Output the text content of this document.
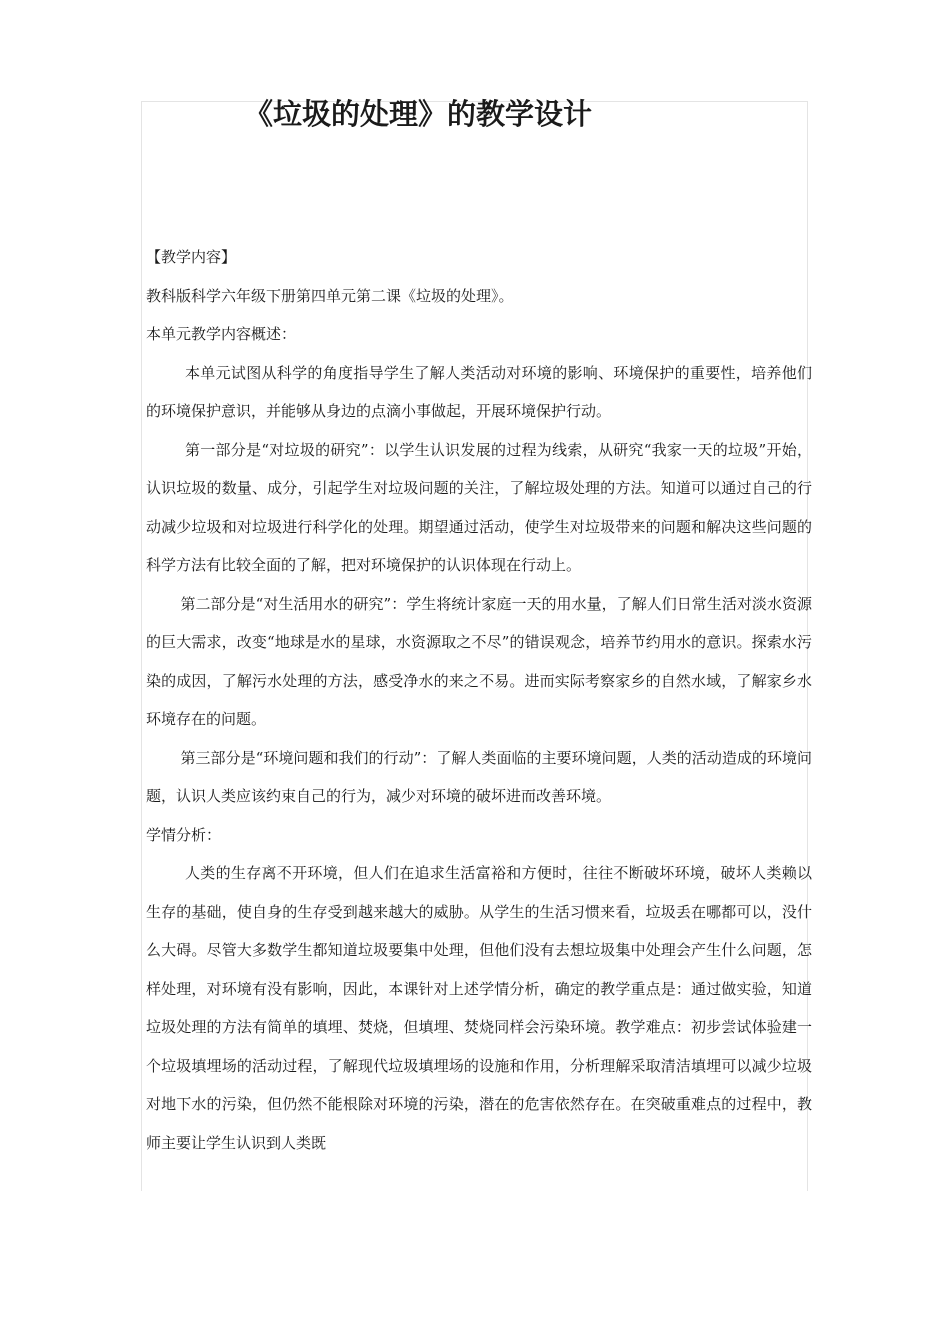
《垃圾的处理》的教学设计

【教学内容】

教科版科学六年级下册第四单元第二课《垃圾的处理》。

本单元教学内容概述：

本单元试图从科学的角度指导学生了解人类活动对环境的影响、环境保护的重要性，培养他们的环境保护意识，并能够从身边的点滴小事做起，开展环境保护行动。

第一部分是“对垃圾的研究”：以学生认识发展的过程为线索，从研究“我家一天的垃圾”开始，认识垃圾的数量、成分，引起学生对垃圾问题的关注，了解垃圾处理的方法。知道可以通过自己的行动减少垃圾和对垃圾进行科学化的处理。期望通过活动，使学生对垃圾带来的问题和解决这些问题的科学方法有比较全面的了解，把对环境保护的认识体现在行动上。

第二部分是“对生活用水的研究”：学生将统计家庭一天的用水量，了解人们日常生活对淡水资源的巨大需求，改变“地球是水的星球，水资源取之不尽”的错误观念，培养节约用水的意识。探索水污染的成因，了解污水处理的方法，感受净水的来之不易。进而实际考察家乡的自然水域，了解家乡水环境存在的问题。

第三部分是“环境问题和我们的行动”：了解人类面临的主要环境问题，人类的活动造成的环境问题，认识人类应该约束自己的行为，减少对环境的破坏进而改善环境。

学情分析：

人类的生存离不开环境，但人们在追求生活富裕和方便时，往往不断破坏环境，破坏人类赖以生存的基础，使自身的生存受到越来越大的威胁。从学生的生活习惯来看，垃圾丢在哪都可以，没什么大碍。尽管大多数学生都知道垃圾要集中处理，但他们没有去想垃圾集中处理会产生什么问题，怎样处理，对环境有没有影响，因此，本课针对上述学情分析，确定的教学重点是：通过做实验，知道垃圾处理的方法有简单的填埋、焚烧，但填埋、焚烧同样会污染环境。教学难点：初步尝试体验建一个垃圾填埋场的活动过程，了解现代垃圾填埋场的设施和作用，分析理解采取清洁填埋可以减少垃圾对地下水的污染，但仍然不能根除对环境的污染，潜在的危害依然存在。在突破重难点的过程中，教师主要让学生认识到人类既
